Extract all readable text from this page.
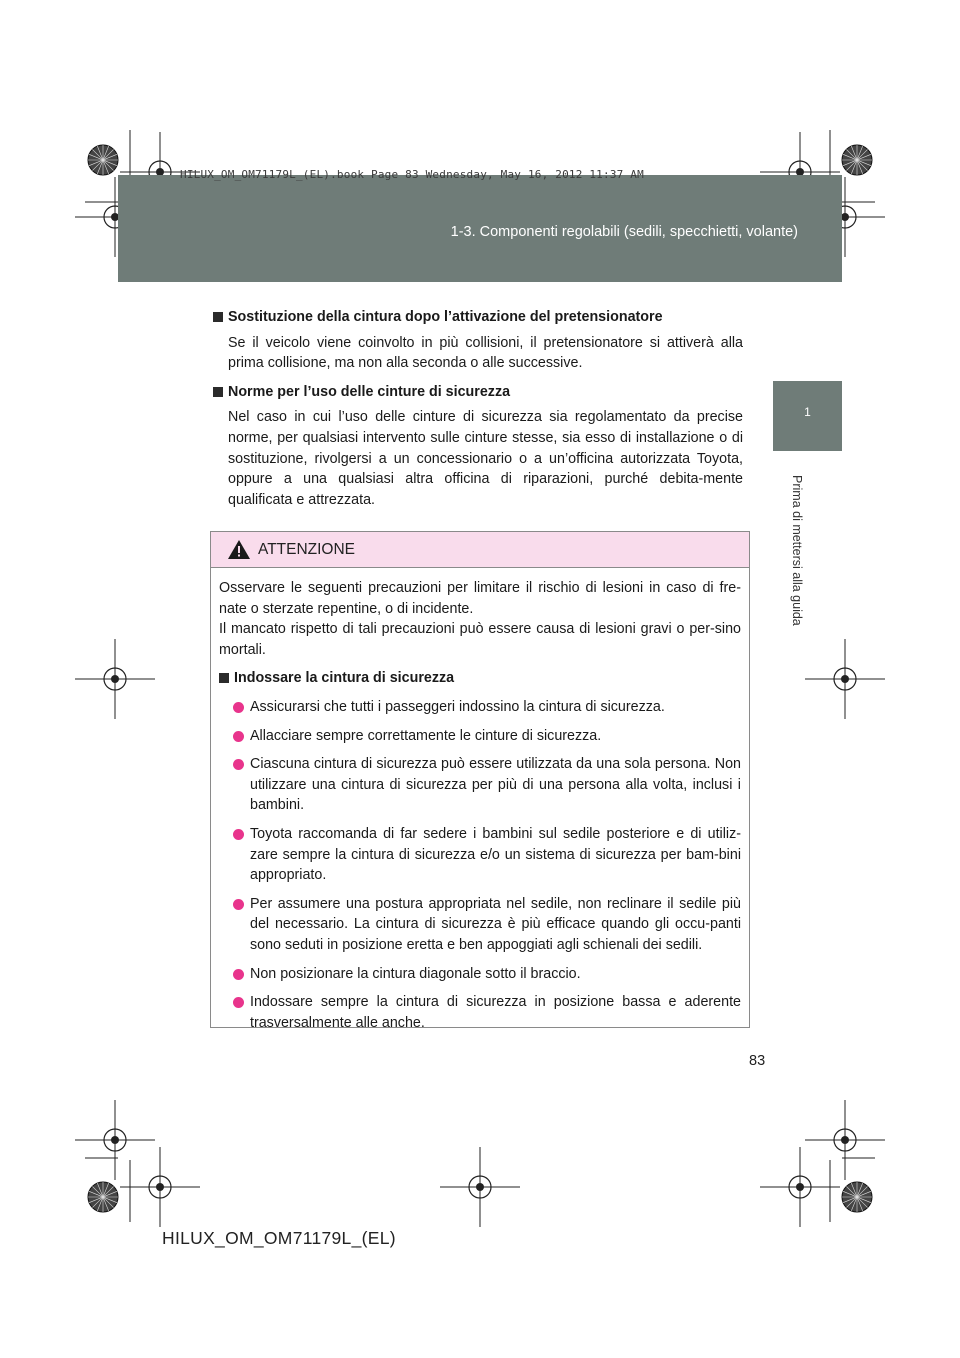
HILUX_OM_OM71179L_(EL).book Page 83 Wednesday, May 16, 2012 11:37 AM
1-3. Componenti regolabili (sedili, specchietti, volante)
1
Prima di mettersi alla guida
Sostituzione della cintura dopo l’attivazione del pretensionatore
Se il veicolo viene coinvolto in più collisioni, il pretensionatore si attiverà alla prima collisione, ma non alla seconda o alle successive.
Norme per l’uso delle cinture di sicurezza
Nel caso in cui l’uso delle cinture di sicurezza sia regolamentato da precise norme, per qualsiasi intervento sulle cinture stesse, sia esso di installazione o di sostituzione, rivolgersi a un concessionario o a un’officina autorizzata Toyota, oppure a una qualsiasi altra officina di riparazioni, purché debita-mente qualificata e attrezzata.
ATTENZIONE
Osservare le seguenti precauzioni per limitare il rischio di lesioni in caso di fre-nate o sterzate repentine, o di incidente.
Il mancato rispetto di tali precauzioni può essere causa di lesioni gravi o per-sino mortali.
Indossare la cintura di sicurezza
Assicurarsi che tutti i passeggeri indossino la cintura di sicurezza.
Allacciare sempre correttamente le cinture di sicurezza.
Ciascuna cintura di sicurezza può essere utilizzata da una sola persona. Non utilizzare una cintura di sicurezza per più di una persona alla volta, inclusi i bambini.
Toyota raccomanda di far sedere i bambini sul sedile posteriore e di utiliz-zare sempre la cintura di sicurezza e/o un sistema di sicurezza per bam-bini appropriato.
Per assumere una postura appropriata nel sedile, non reclinare il sedile più del necessario. La cintura di sicurezza è più efficace quando gli occu-panti sono seduti in posizione eretta e ben appoggiati agli schienali dei sedili.
Non posizionare la cintura diagonale sotto il braccio.
Indossare sempre la cintura di sicurezza in posizione bassa e aderente trasversalmente alle anche.
83
HILUX_OM_OM71179L_(EL)
